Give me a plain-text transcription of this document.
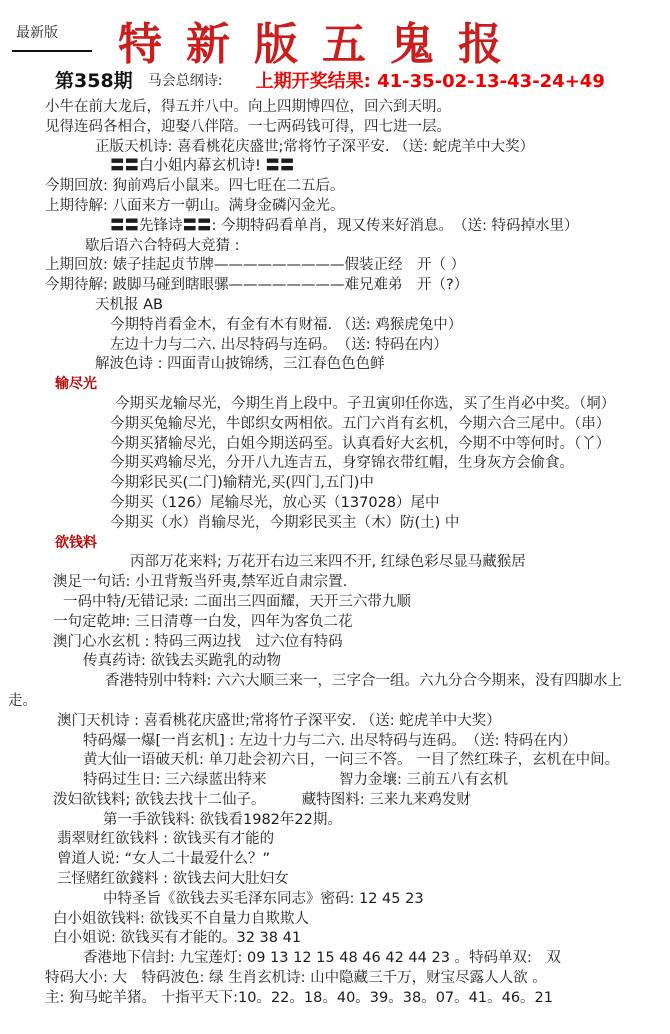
最新版	特新版五鬼报
第358期 马会总纲诗: 上期开奖结果: 41-35-02-13-43-24+49
小牛在前大龙后，得五并八中。向上四期博四位，回六到天明。
见得连码各相合，迎娶八伴陪。一七两码钱可得，四七进一层。
正版天机诗: 喜看桃花庆盛世;常将竹子深平安. （送: 蛇虎羊中大奖）
〓〓白小姐内幕玄机诗! 〓〓
今期回放: 狗前鸡后小鼠来。四七旺在二五后。
上期待解: 八面来方一朝山。满身金磷闪金光。
〓〓先锋诗〓〓: 今期特码看单肖，现又传来好消息。　（送: 特码掉水里）
歇后语六合特码大竞猜 :
上期回放: 婊子挂起贞节牌—————————假装正经　开（ ）
今期待解: 跛脚马碰到瞎眼骡————————难兄难弟　开（?）
天机报 AB
今期特肖看金木，有金有木有财福. （送: 鸡猴虎兔中）
左边十力与二六. 出尽特码与连码。　（送: 特码在内）
解波色诗 : 四面青山披锦绣，三江春色色色鲜
输尽光
今期买龙输尽光，今期生肖上段中。子丑寅卯任你选，买了生肖必中奖。（垌）
今期买兔输尽光，牛郎织女两相依。五门六肖有玄机，今期六合三尾中。（串）
今期买猪输尽光，白姐今期送码至。认真看好大玄机，今期不中等何时。（丫）
今期买鸡输尽光，分开八九连吉五，身穿锦衣带红帽，生身灰方会偷食。
今期彩民买(二门)输精光,买(四门,五门)中
今期买（126）尾输尽光，放心买（137028）尾中
今期买（水）肖输尽光，今期彩民买主（木）防(土) 中
欲钱料
丙部万花来料; 万花开右边三来四不开, 红绿色彩尽显马藏猴居
澳足一句话: 小丑背叛当歼夷,禁军近自肃宗置.
一码中特/无错记录: 二面出三四面耀，天开三六带九顺
一句定乾坤: 三日清尊一白发，四年为客负二花
澳门心水玄机 : 特码三两边找　过六位有特码
传真药诗: 欲钱去买跪乳的动物
香港特别中特料: 六六大顺三来一，三字合一组。六九分合今期来，没有四脚水上
走。
澳门天机诗 : 喜看桃花庆盛世;常将竹子深平安. （送: 蛇虎羊中大奖）
特码爆一爆[一肖玄机] : 左边十力与二六. 出尽特码与连码。　（送: 特码在内）
黄大仙一语破天机: 单刀赴会初六日，一问三不答。 一目了然红珠子，玄机在中间。
特码过生日: 三六绿蓝出特来　　　　　智力金壤: 三前五八有玄机
泼妇欲钱料; 欲钱去找十二仙子。　　　藏特图料: 三来九来鸡发财
第一手欲钱料: 欲钱看1982年22期。
翡翠财红欲钱料 : 欲钱买有才能的
曾道人说: “女人二十最爱什么？”
三怪赌红欲錢料 : 欲钱去问大肚妇女
中特圣旨《欲钱去买毛泽东同志》密码: 12 45 23
白小姐欲钱料: 欲钱买不自量力自欺欺人
白小姐说: 欲钱买有才能的。32 38 41
香港地下信封: 九宝莲灯: 09 13 12 15 48 46 42 44 23 。特码单双:　双
特码大小: 大　特码波色: 绿 生肖玄机诗: 山中隐藏三千万，财宝尽露人人欲 。
主: 狗马蛇羊猪。 十指平天下:10。22。18。40。39。38。07。41。46。21
